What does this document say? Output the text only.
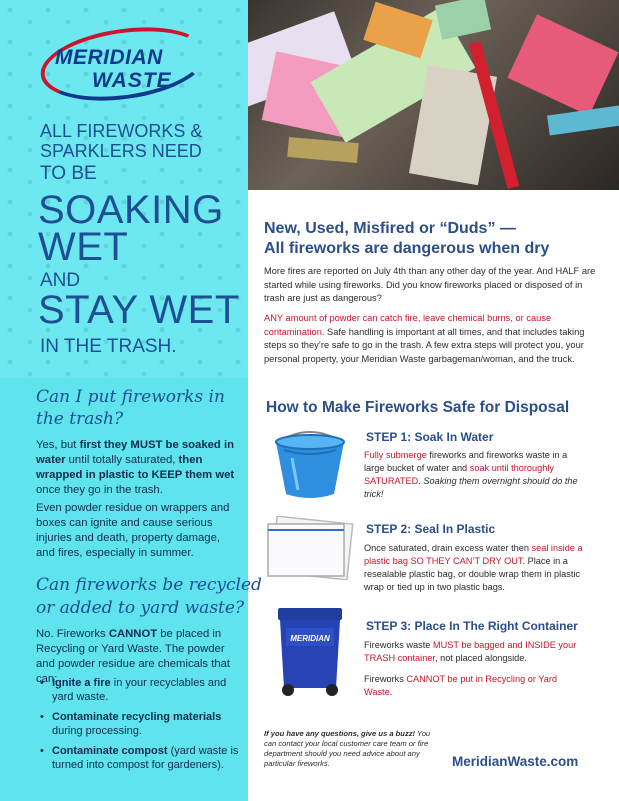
MERIDIAN
WASTE
ALL FIREWORKS &
SPARKLERS NEED
TO BE
SOAKING
WET
AND
STAY WET
IN THE TRASH.
Can I put fireworks in
the trash?
Yes, but first they MUST be soaked in water until totally saturated, then wrapped in plastic to KEEP them wet once they go in the trash.
Even powder residue on wrappers and boxes can ignite and cause serious injuries and death, property damage, and fires, especially in summer.
Can fireworks be recycled
or added to yard waste?
No. Fireworks CANNOT be placed in Recycling or Yard Waste. The powder and powder residue are chemicals that can:
• Ignite a fire in your recyclables and yard waste.
• Contaminate recycling materials during processing.
• Contaminate compost (yard waste is turned into compost for gardeners).
New, Used, Misfired or “Duds” —
All fireworks are dangerous when dry
More fires are reported on July 4th than any other day of the year. And HALF are started while using fireworks. Did you know fireworks placed or disposed of in trash are just as dangerous?
ANY amount of powder can catch fire, leave chemical burns, or cause contamination. Safe handling is important at all times, and that includes taking steps so they’re safe to go in the trash. A few extra steps will protect you, your personal property, your Meridian Waste garbageman/woman, and the truck.
How to Make Fireworks Safe for Disposal
STEP 1: Soak In Water
Fully submerge fireworks and fireworks waste in a large bucket of water and soak until thoroughly SATURATED. Soaking them overnight should do the trick!
STEP 2: Seal In Plastic
Once saturated, drain excess water then seal inside a plastic bag SO THEY CAN’T DRY OUT. Place in a resealable plastic bag, or double wrap them in plastic wrap or tied up in two plastic bags.
MERIDIAN
STEP 3: Place In The Right Container
Fireworks waste MUST be bagged and INSIDE your TRASH container, not placed alongside.
Fireworks CANNOT be put in Recycling or Yard Waste.
If you have any questions, give us a buzz! You can contact your local customer care team or fire department should you need advice about any particular fireworks.	MeridianWaste.com
